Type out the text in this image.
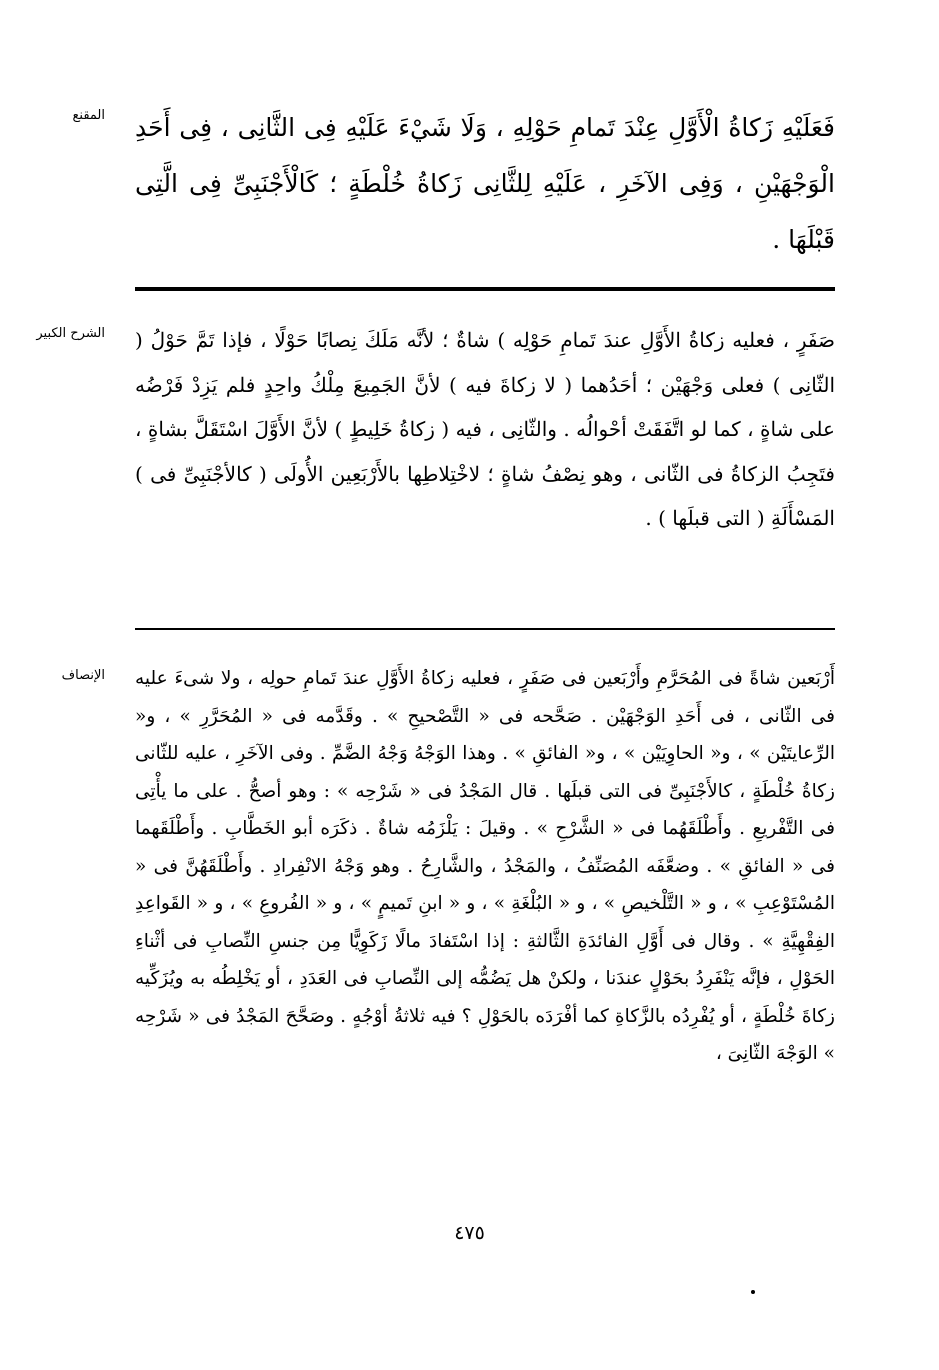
المقنع فَعَلَيْهِ زَكاةُ الْأَوَّلِ عِنْدَ تَمامِ حَوْلِهِ ، وَلَا شَيْءَ عَلَيْهِ فِى الثَّانِى ، فِى أَحَدِ الْوَجْهَيْنِ ، وَفِى الآخَرِ ، عَلَيْهِ لِلثَّانِى زَكاةُ خُلْطَةٍ ؛ كَالْأَجْنَبِىِّ فِى الَّتِى قَبْلَهَا .

الشرح الكبير صَفَرٍ ، فعليه زكاةُ الأَوَّلِ عندَ تَمامِ حَوْلِه ) شاةٌ ؛ لأنَّه مَلَكَ نِصابًا حَوْلًا ، فإذا تَمَّ حَوْلُ ( الثّانِى ) فعلى وَجْهَيْن ؛ أحَدُهما ( لا زكاةَ فيه ) لأنَّ الجَمِيعَ مِلْكُ واحِدٍ فلم يَزِدْ فَرْضُه على شاةٍ ، كما لو اتَّفَقَتْ أحْوالُه . والثّانِى ، فيه ( زكاةُ خَلِيطٍ ) لأنَّ الأَوَّلَ اسْتَقَلَّ بشاةٍ ، فتَجِبُ الزكاةُ فى الثّانى ، وهو نِصْفُ شاةٍ ؛ لاخْتِلاطِها بالأَرْبَعِين الأُولَى ( كالأجْنَبِىِّ فى ) المَسْأَلَةِ ( التى قبلَها ) .

الإنصاف أَرْبَعين شاةً فى المُحَرَّمِ وأَرْبَعين فى صَفَرٍ ، فعليه زكاةُ الأَوَّلِ عندَ تَمامِ حولِه ، ولا شىءَ عليه فى الثّانى ، فى أَحَدِ الوَجْهَيْن . صَحَّحه فى « التَّصْحيحِ » . وقَدَّمه فى « المُحَرَّرِ » ، و« الرِّعايتَيْن » ، و« الحاوِيَيْن » ، و« الفائقِ » . وهذا الوَجْهُ وَجْهُ الضَّمِّ . وفى الآخَرِ ، عليه للثّانى زكاةُ خُلْطَةٍ ، كالأَجْنَبِىِّ فى التى قبلَها . قال المَجْدُ فى « شَرْحِه » : وهو أصحُّ . على ما يأْتِى فى التَّفْريعِ . وأَطْلَقَهُما فى « الشَّرْحِ » . وقيلَ : يَلْزَمُه شاةٌ . ذكَرَه أبو الخَطَّابِ . وأَطْلَقَهما فى « الفائقِ » . وضعَّفَه المُصَنِّفُ ، والمَجْدُ ، والشَّارِحُ . وهو وَجْهُ الانْفِرادِ . وأَطْلَقَهُنَّ فى « المُسْتَوْعِبِ » ، و « التَّلْخيصِ » ، و « البُلْغَةِ » ، و « ابنِ تَميمٍ » ، و « الفُروعِ » ، و « القَواعِدِ الفِقْهِيَّةِ » . وقال فى أَوَّلِ الفائدَةِ الثَّالثةِ : إذا اسْتَفادَ مالًا زَكَوِيًّا مِن جنسِ النِّصابِ فى أثْناءِ الحَوْلِ ، فإنَّه يَنْفَرِدُ بحَوْلٍ عندَنا ، ولكنْ هل يَضُمُّه إلى النِّصابِ فى العَدَدِ ، أو يَخْلِطُه به ويُزَكِّيه زكاةَ خُلْطَةٍ ، أو يُفْرِدُه بالزَّكاةِ كما أفْرَدَه بالحَوْلِ ؟ فيه ثلاثةُ أوْجُهٍ . وصَحَّحَ المَجْدُ فى « شَرْحِه » الوَجْهَ الثّانِىَ ،

٤٧٥
